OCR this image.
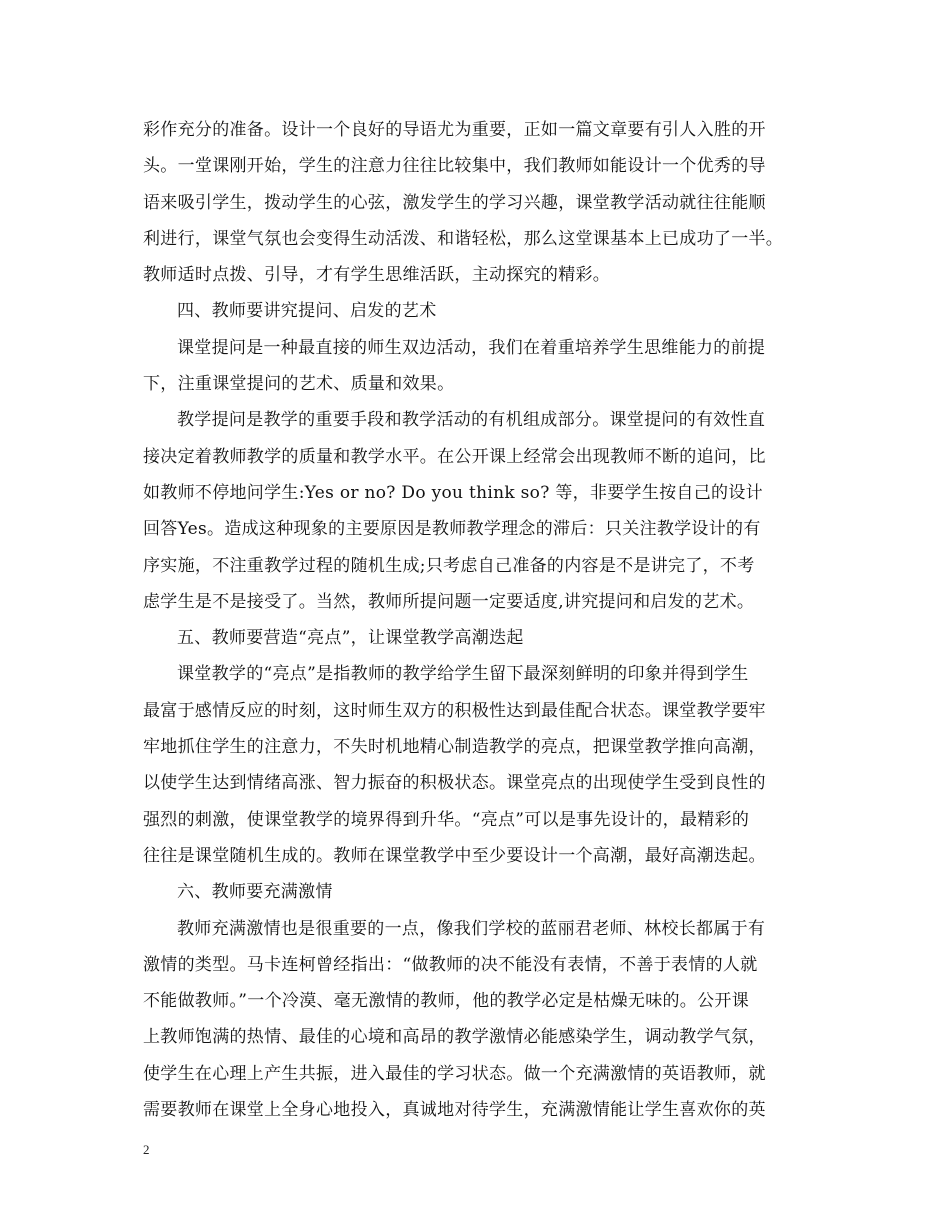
彩作充分的准备。设计一个良好的导语尤为重要，正如一篇文章要有引人入胜的开
头。一堂课刚开始，学生的注意力往往比较集中，我们教师如能设计一个优秀的导
语来吸引学生，拨动学生的心弦，激发学生的学习兴趣，课堂教学活动就往往能顺
利进行，课堂气氛也会变得生动活泼、和谐轻松，那么这堂课基本上已成功了一半。
教师适时点拨、引导，才有学生思维活跃，主动探究的精彩。
四、教师要讲究提问、启发的艺术
课堂提问是一种最直接的师生双边活动，我们在着重培养学生思维能力的前提
下，注重课堂提问的艺术、质量和效果。
教学提问是教学的重要手段和教学活动的有机组成部分。课堂提问的有效性直
接决定着教师教学的质量和教学水平。在公开课上经常会出现教师不断的追问，比
如教师不停地问学生:Yes or no? Do you think so? 等，非要学生按自己的设计
回答Yes。造成这种现象的主要原因是教师教学理念的滞后：只关注教学设计的有
序实施，不注重教学过程的随机生成;只考虑自己准备的内容是不是讲完了，不考
虑学生是不是接受了。当然，教师所提问题一定要适度,讲究提问和启发的艺术。
五、教师要营造“亮点”，让课堂教学高潮迭起
课堂教学的“亮点”是指教师的教学给学生留下最深刻鲜明的印象并得到学生
最富于感情反应的时刻，这时师生双方的积极性达到最佳配合状态。课堂教学要牢
牢地抓住学生的注意力，不失时机地精心制造教学的亮点，把课堂教学推向高潮，
以使学生达到情绪高涨、智力振奋的积极状态。课堂亮点的出现使学生受到良性的
强烈的刺激，使课堂教学的境界得到升华。“亮点”可以是事先设计的，最精彩的
往往是课堂随机生成的。教师在课堂教学中至少要设计一个高潮，最好高潮迭起。
六、教师要充满激情
教师充满激情也是很重要的一点，像我们学校的蓝丽君老师、林校长都属于有
激情的类型。马卡连柯曾经指出：“做教师的决不能没有表情，不善于表情的人就
不能做教师。”一个冷漠、毫无激情的教师，他的教学必定是枯燥无味的。公开课
上教师饱满的热情、最佳的心境和高昂的教学激情必能感染学生，调动教学气氛，
使学生在心理上产生共振，进入最佳的学习状态。做一个充满激情的英语教师，就
需要教师在课堂上全身心地投入，真诚地对待学生，充满激情能让学生喜欢你的英
2
